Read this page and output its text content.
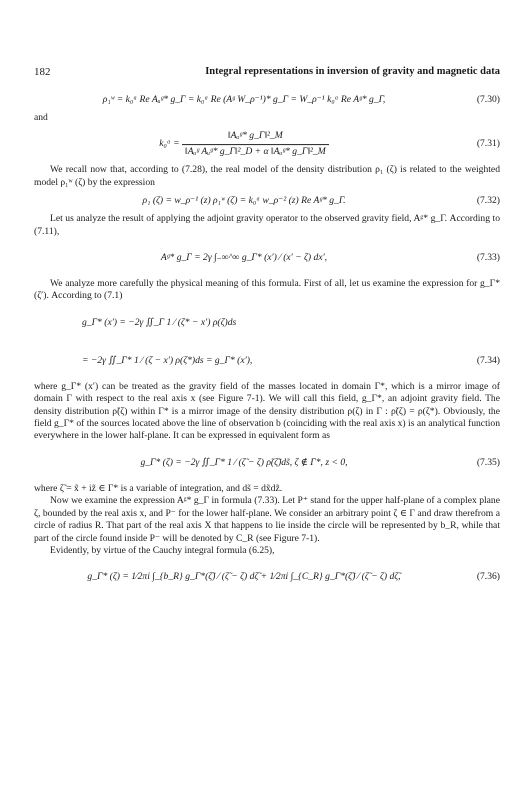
182	Integral representations in inversion of gravity and magnetic data
ρ₁ʷ = k₀ᵅ Re Aᵤᵍ* g_Γ = k₀ᵅ Re (Aᵍ W_ρ⁻¹)* g_Γ = W_ρ⁻¹ k₀ᵅ Re Aᵍ* g_Γ,	(7.30)

and

k₀ᵅ = $\frac{\text{‖Aᵤᵍ* g\_Γ‖²\_M}}{\text{‖Aᵤᵍ Aᵤᵍ* g\_Γ‖²\_D + α ‖Aᵤᵍ* g\_Γ‖²\_M}}$	(7.31)

We recall now that, according to (7.28), the real model of the density distribution ρ₁ (ζ) is related to the weighted model ρ₁ʷ (ζ) by the expression

ρ₁ (ζ) = w_ρ⁻¹ (z) ρ₁ʷ (ζ) = k₀ᵅ w_ρ⁻² (z) Re Aᵍ* g_Γ.	(7.32)

Let us analyze the result of applying the adjoint gravity operator to the observed gravity field, Aᵍ* g_Γ. According to (7.11),

Aᵍ* g_Γ = 2γ ∫₋∞^∞ g_Γ* (x′) ⁄ (x′ − ζ) dx′,	(7.33)

We analyze more carefully the physical meaning of this formula. First of all, let us examine the expression for g_Γ* (ζ′). According to (7.1)

g_Γ* (x′) = −2γ ∬_Γ 1 ⁄ (ζ* − x′) ρ(ζ)ds
= −2γ ∬_Γ* 1 ⁄ (ζ − x′) ρ(ζ*)ds = g_Γ* (x′),	(7.34)

where g_Γ* (x′) can be treated as the gravity field of the masses located in domain Γ*, which is a mirror image of domain Γ with respect to the real axis x (see Figure 7-1). We will call this field, g_Γ*, an adjoint gravity field. The density distribution ρ̃(ζ) within Γ* is a mirror image of the density distribution ρ(ζ) in Γ : ρ̃(ζ) = ρ(ζ*). Obviously, the field g_Γ* of the sources located above the line of observation b (coinciding with the real axis x) is an analytical function everywhere in the lower half-plane. It can be expressed in equivalent form as

g_Γ* (ζ) = −2γ ∬_Γ* 1 ⁄ (ζ̃ − ζ) ρ̃(ζ̃)ds̃, ζ ∉ Γ*, z < 0,	(7.35)

where ζ̃ = x̃ + iz̃ ∈ Γ* is a variable of integration, and ds̃ = dx̃dz̃.

Now we examine the expression Aᵍ* g_Γ in formula (7.33). Let P⁺ stand for the upper half-plane of a complex plane ζ, bounded by the real axis x, and P⁻ for the lower half-plane. We consider an arbitrary point ζ ∈ Γ and draw therefrom a circle of radius R. That part of the real axis X that happens to lie inside the circle will be represented by b_R, while that part of the circle found inside P⁻ will be denoted by C_R (see Figure 7-1).

Evidently, by virtue of the Cauchy integral formula (6.25),

g_Γ* (ζ) = 1⁄2πi ∫_{b_R} g_Γ*(ζ̃) ⁄ (ζ̃ − ζ) dζ̃ + 1⁄2πi ∫_{C_R} g_Γ*(ζ̃) ⁄ (ζ̃ − ζ) dζ̃,	(7.36)
